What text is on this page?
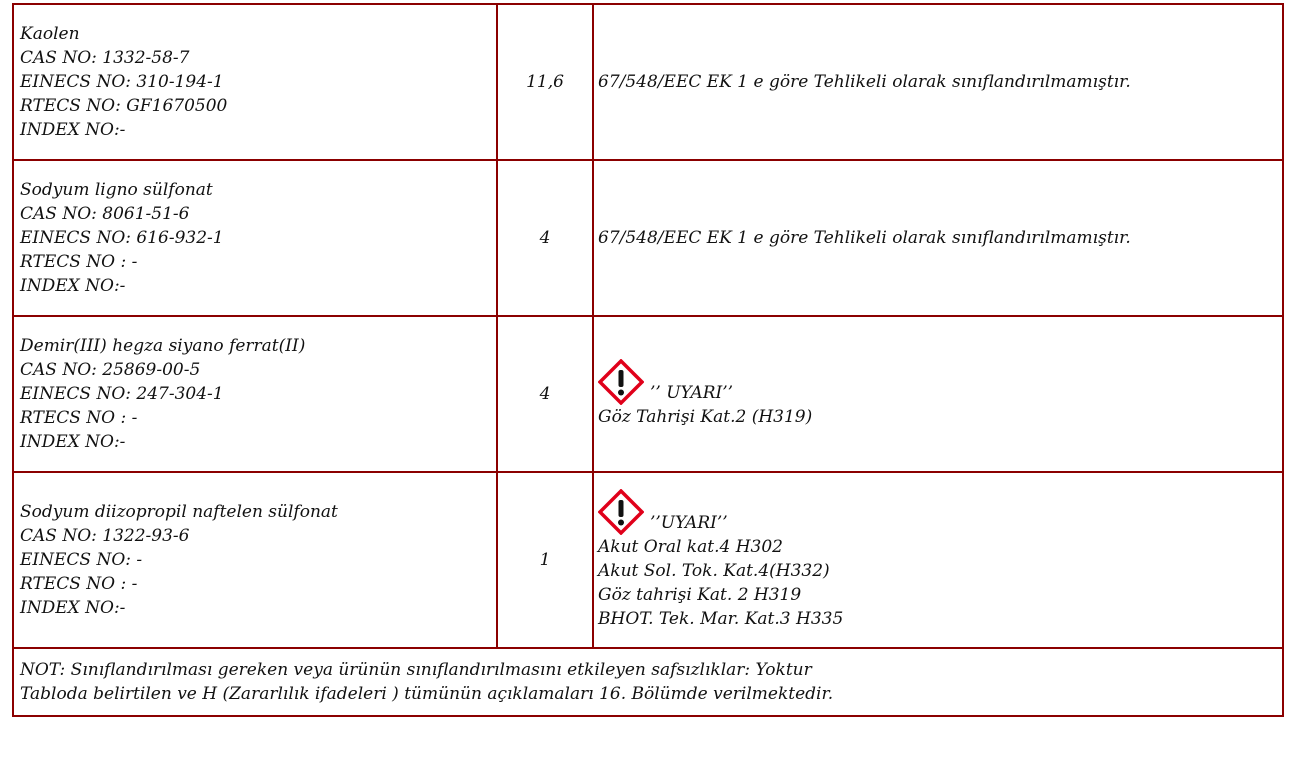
Kaolen
CAS NO: 1332-58-7
EINECS NO: 310-194-1
RTECS NO: GF1670500
INDEX NO:-	11,6	67/548/EEC EK 1 e göre Tehlikeli olarak sınıflandırılmamıştır.

Sodyum ligno sülfonat
CAS NO: 8061-51-6
EINECS NO: 616-932-1
RTECS NO : -
INDEX NO:-	4	67/548/EEC EK 1 e göre Tehlikeli olarak sınıflandırılmamıştır.

Demir(III) hegza siyano ferrat(II)
CAS NO: 25869-00-5
EINECS NO: 247-304-1
RTECS NO : -
INDEX NO:-	4	’’ UYARI’’
Göz Tahrişi Kat.2 (H319)

Sodyum diizopropil naftelen sülfonat
CAS NO: 1322-93-6
EINECS NO: -
RTECS NO : -
INDEX NO:-	1	’’UYARI’’
Akut Oral kat.4 H302
Akut Sol. Tok. Kat.4(H332)
Göz tahrişi Kat. 2 H319
BHOT. Tek. Mar. Kat.3 H335

NOT: Sınıflandırılması gereken veya ürünün sınıflandırılmasını etkileyen safsızlıklar: Yoktur
Tabloda belirtilen ve H (Zararlılık ifadeleri ) tümünün açıklamaları 16. Bölümde verilmektedir.		
